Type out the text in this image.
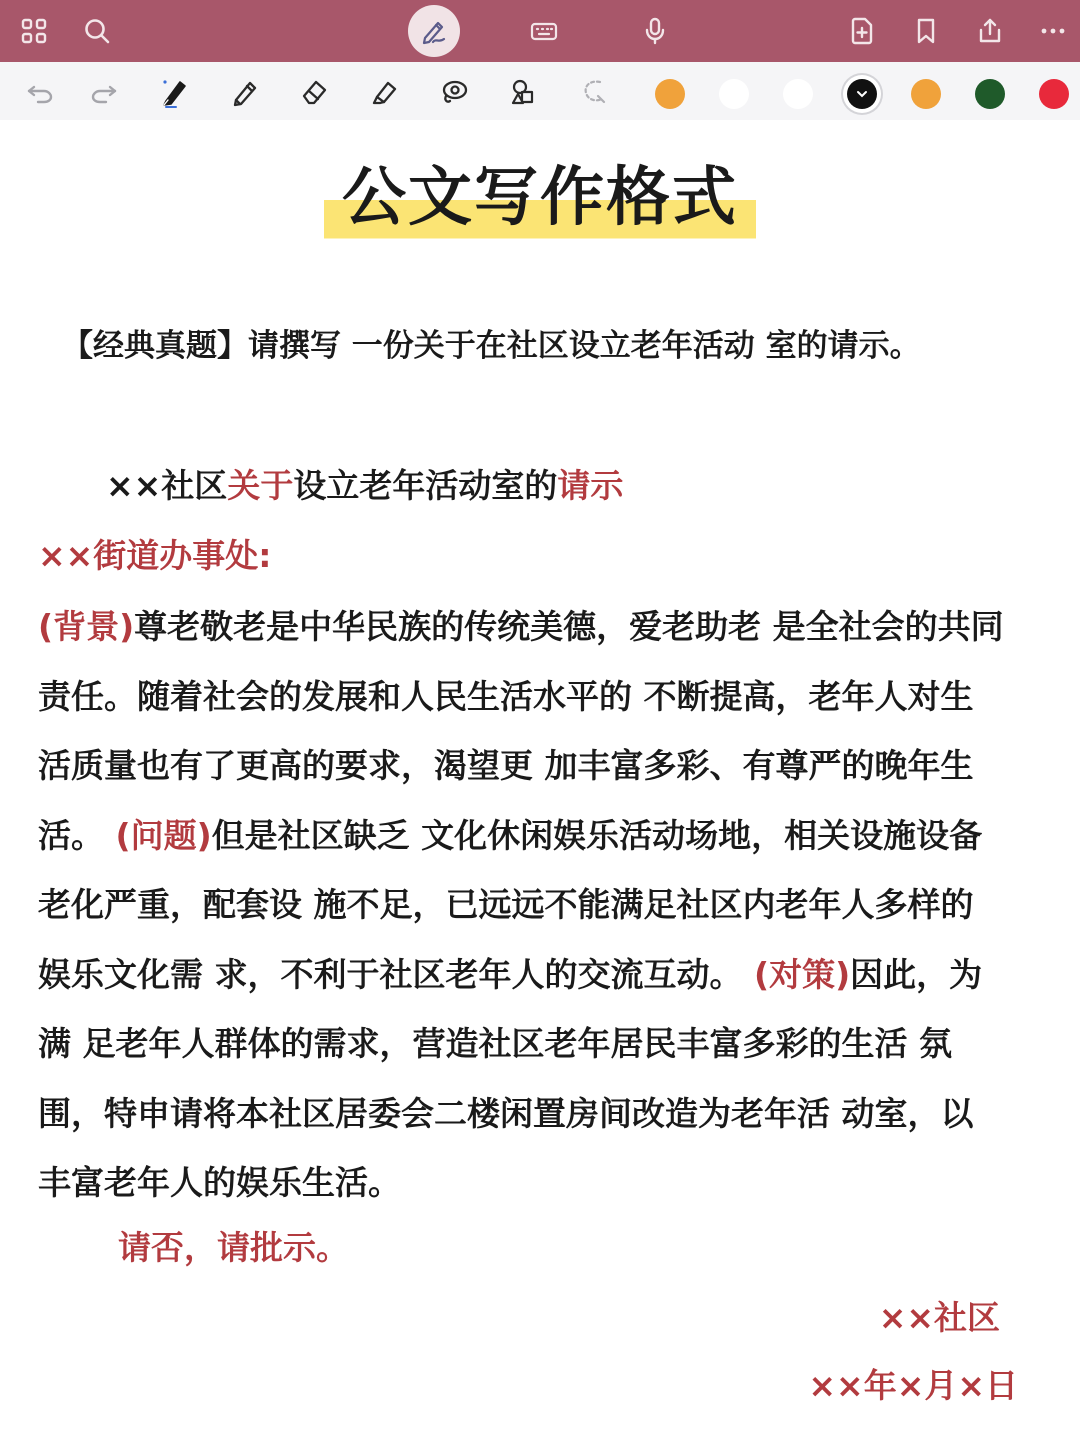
公文写作格式
【经典真题】请撰写 一份关于在社区设立老年活动 室的请示。
××社区关于设立老年活动室的请示
××街道办事处:
(背景)尊老敬老是中华民族的传统美德，爱老助老 是全社会的共同
责任。随着社会的发展和人民生活水平的 不断提高，老年人对生
活质量也有了更高的要求，渴望更 加丰富多彩、有尊严的晚年生
活。 (问题)但是社区缺乏 文化休闲娱乐活动场地，相关设施设备
老化严重，配套设 施不足，已远远不能满足社区内老年人多样的
娱乐文化需 求，不利于社区老年人的交流互动。 (对策)因此，为
满 足老年人群体的需求，营造社区老年居民丰富多彩的生活 氛
围，特申请将本社区居委会二楼闲置房间改造为老年活 动室，以
丰富老年人的娱乐生活。
请否，请批示。
××社区
××年×月×日
